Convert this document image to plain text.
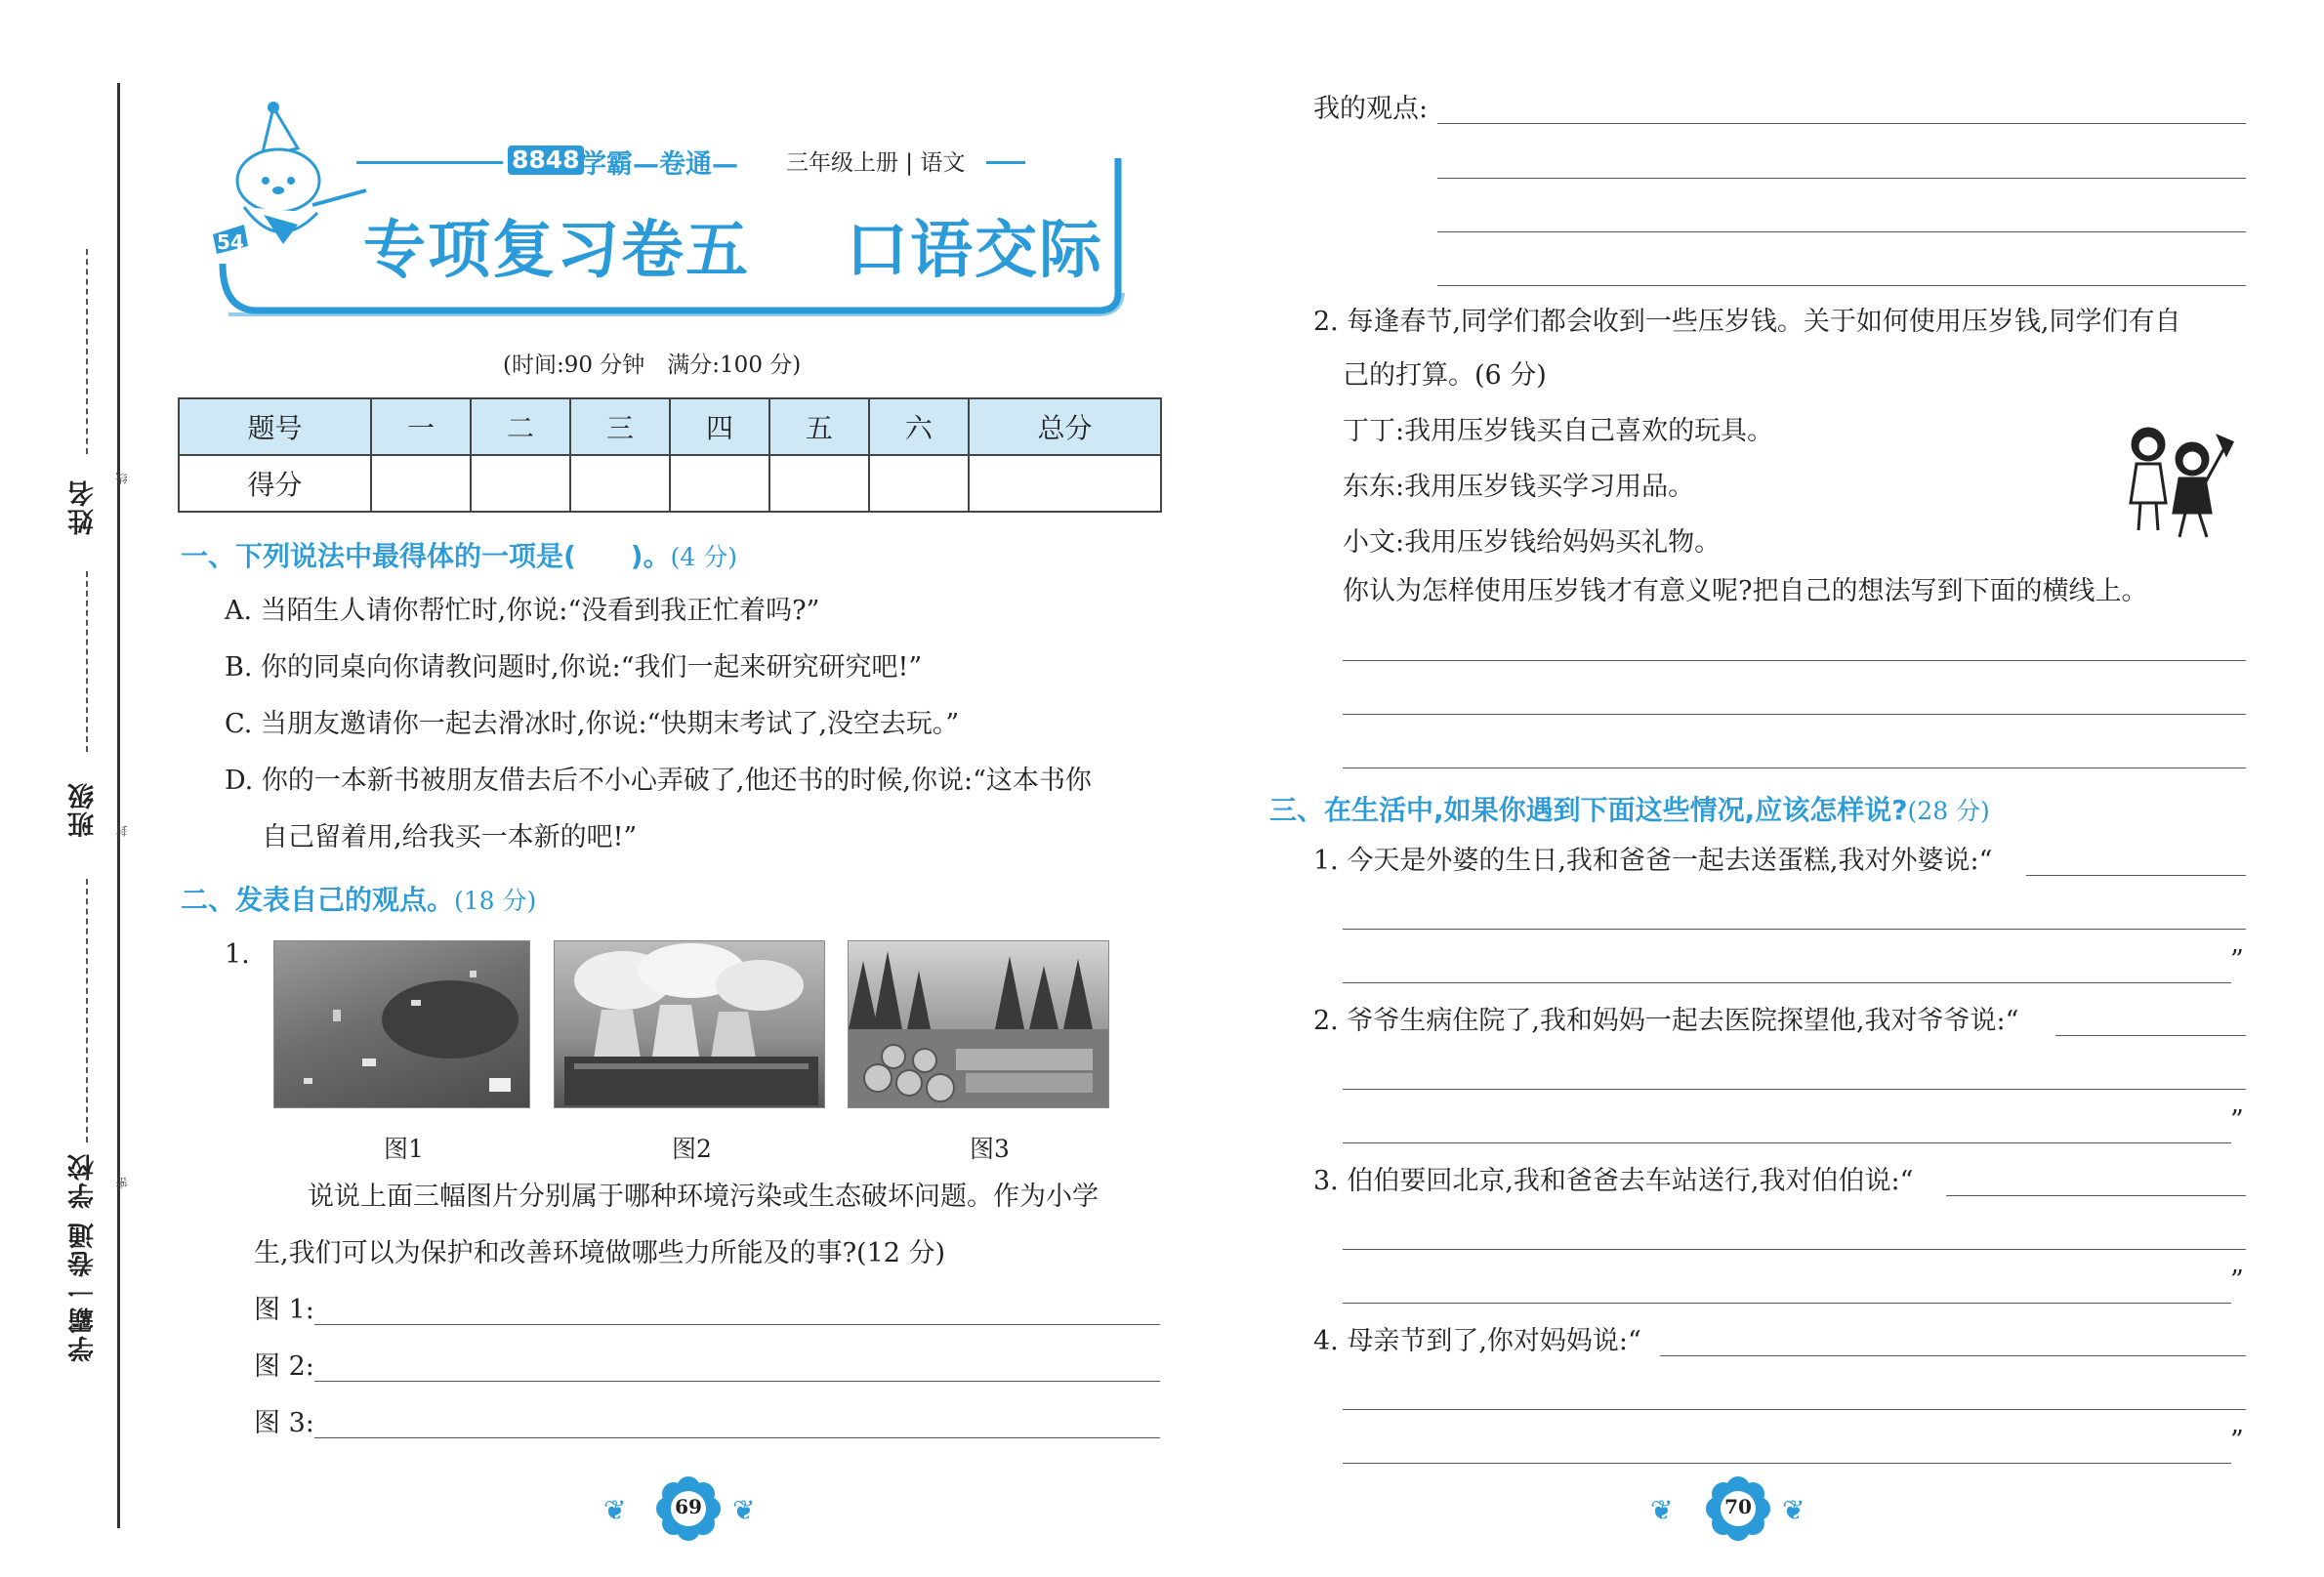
姓名
班级
学校
学霸一卷通
线
封
密
8848 学霸—卷通— 三年级上册 | 语文
专项复习卷五 口语交际
54
(时间:90 分钟　满分:100 分)
题号	一	二	三	四	五	六	总分
得分							
一、下列说法中最得体的一项是(　　)。(4 分)
A. 当陌生人请你帮忙时,你说:“没看到我正忙着吗?”
B. 你的同桌向你请教问题时,你说:“我们一起来研究研究吧!”
C. 当朋友邀请你一起去滑冰时,你说:“快期末考试了,没空去玩。”
D. 你的一本新书被朋友借去后不小心弄破了,他还书的时候,你说:“这本书你
自己留着用,给我买一本新的吧!”
二、发表自己的观点。(18 分)
1.
图1	图2	图3
说说上面三幅图片分别属于哪种环境污染或生态破坏问题。作为小学
生,我们可以为保护和改善环境做哪些力所能及的事?(12 分)
图 1:
图 2:
图 3:
69
❦	❦
我的观点:
2. 每逢春节,同学们都会收到一些压岁钱。关于如何使用压岁钱,同学们有自
己的打算。(6 分)
丁丁:我用压岁钱买自己喜欢的玩具。
东东:我用压岁钱买学习用品。
小文:我用压岁钱给妈妈买礼物。
你认为怎样使用压岁钱才有意义呢?把自己的想法写到下面的横线上。
三、在生活中,如果你遇到下面这些情况,应该怎样说?(28 分)
1. 今天是外婆的生日,我和爸爸一起去送蛋糕,我对外婆说:“
”
2. 爷爷生病住院了,我和妈妈一起去医院探望他,我对爷爷说:“
”
3. 伯伯要回北京,我和爸爸去车站送行,我对伯伯说:“
”
4. 母亲节到了,你对妈妈说:“
”
70
❦	❦
